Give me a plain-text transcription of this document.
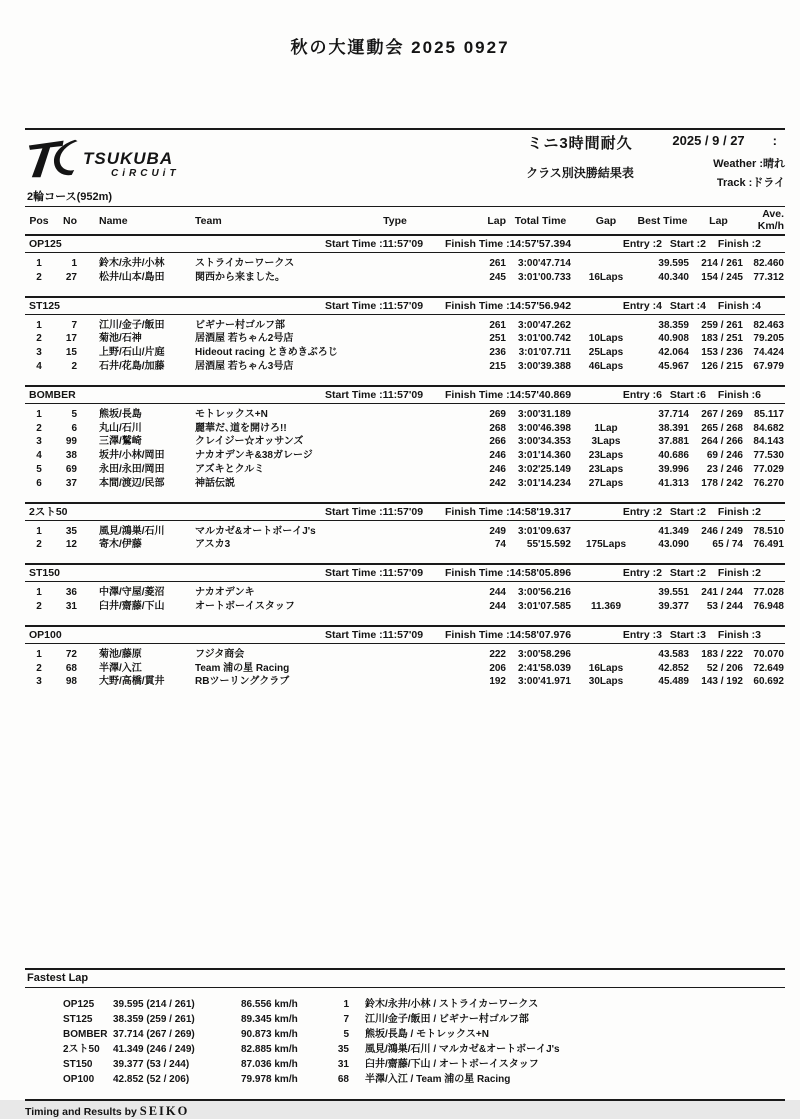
秋の大運動会 2025 0927
TSUKUBA
CiRCUiT
2輪コース(952m)
ミニ3時間耐久
クラス別決勝結果表
2025 / 9 / 27 :
Weather :晴れ
Track :ドライ
Pos	No	Name	Team	Type	Lap Total Time	Gap	Best Time	Lap
Ave.
Km/h
OP125	Start Time :11:57'09 Finish Time :14:57'57.394	Entry :2 Start :2 Finish :2
1	1	鈴木/永井/小林	ストライカーワークス	261	3:00'47.714	39.595	214 / 261	82.460
2	27	松井/山本/島田	関西から来ました。	245	3:01'00.733	16Laps	40.340	154 / 245	77.312
ST125	Start Time :11:57'09 Finish Time :14:57'56.942	Entry :4 Start :4 Finish :4
1	7	江川/金子/飯田	ビギナー村ゴルフ部	261	3:00'47.262	38.359	259 / 261	82.463
2	17	菊池/石神	居酒屋 若ちゃん2号店	251	3:01'00.742	10Laps	40.908	183 / 251	79.205
3	15	上野/石山/片庭	Hideout racing ときめきぶろじ	236	3:01'07.711	25Laps	42.064	153 / 236	74.424
4	2	石井/花島/加藤	居酒屋 若ちゃん3号店	215	3:00'39.388	46Laps	45.967	126 / 215	67.979
BOMBER	Start Time :11:57'09 Finish Time :14:57'40.869	Entry :6 Start :6 Finish :6
1	5	熊坂/長島	モトレックス+N	269	3:00'31.189	37.714	267 / 269	85.117
2	6	丸山/石川	麗華だ､道を開けろ!!	268	3:00'46.398	1Lap	38.391	265 / 268	84.682
3	99	三澤/鷲崎	クレイジー☆オッサンズ	266	3:00'34.353	3Laps	37.881	264 / 266	84.143
4	38	坂井/小林/岡田	ナカオデンキ&38ガレージ	246	3:01'14.360	23Laps	40.686	69 / 246	77.530
5	69	永田/永田/岡田	アズキとクルミ	246	3:02'25.149	23Laps	39.996	23 / 246	77.029
6	37	本間/渡辺/民部	神話伝説	242	3:01'14.234	27Laps	41.313	178 / 242	76.270
2スト50	Start Time :11:57'09 Finish Time :14:58'19.317	Entry :2 Start :2 Finish :2
1	35	風見/鴻巣/石川	マルカゼ&オートボーイJ's	249	3:01'09.637	41.349	246 / 249	78.510
2	12	寄木/伊藤	アスカ3	74	55'15.592	175Laps	43.090	65 / 74	76.491
ST150	Start Time :11:57'09 Finish Time :14:58'05.896	Entry :2 Start :2 Finish :2
1	36	中澤/守屋/菱沼	ナカオデンキ	244	3:00'56.216	39.551	241 / 244	77.028
2	31	臼井/齋藤/下山	オートボーイスタッフ	244	3:01'07.585	11.369	39.377	53 / 244	76.948
OP100	Start Time :11:57'09 Finish Time :14:58'07.976	Entry :3 Start :3 Finish :3
1	72	菊池/藤原	フジタ商会	222	3:00'58.296	43.583	183 / 222	70.070
2	68	半澤/入江	Team 浦の星 Racing	206	2:41'58.039	16Laps	42.852	52 / 206	72.649
3	98	大野/高橋/貫井	RBツーリングクラブ	192	3:00'41.971	30Laps	45.489	143 / 192	60.692
Fastest Lap
OP125	39.595 (214 / 261)	86.556 km/h	1	鈴木/永井/小林 / ストライカーワークス
ST125	38.359 (259 / 261)	89.345 km/h	7	江川/金子/飯田 / ビギナー村ゴルフ部
BOMBER 37.714 (267 / 269)	90.873 km/h	5	熊坂/長島 / モトレックス+N
2スト50	41.349 (246 / 249)	82.885 km/h	35	風見/鴻巣/石川 / マルカゼ&オートボーイJ's
ST150	39.377 (53 / 244)	87.036 km/h	31	臼井/齋藤/下山 / オートボーイスタッフ
OP100	42.852 (52 / 206)	79.978 km/h	68	半澤/入江 / Team 浦の星 Racing
Timing and Results by SEIKO
